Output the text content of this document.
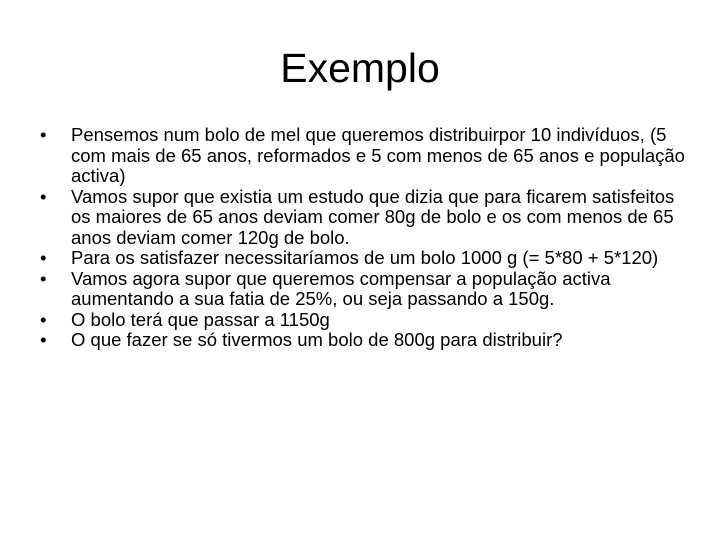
Exemplo
•	Pensemos num bolo de mel que queremos distribuirpor 10 indivíduos, (5 com mais de 65 anos, reformados e 5 com menos de 65 anos e população activa)
•	Vamos supor que existia um estudo que dizia que para ficarem satisfeitos os maiores de 65 anos deviam comer 80g de bolo e os com menos de 65 anos deviam comer 120g de bolo.
•	Para os satisfazer necessitaríamos de um bolo 1000 g (= 5*80 + 5*120)
•	Vamos agora supor que queremos compensar a população activa aumentando a sua fatia de 25%, ou seja passando a 150g.
•	O bolo terá que passar a 1150g
•	O que fazer se só tivermos um bolo de 800g para distribuir?
